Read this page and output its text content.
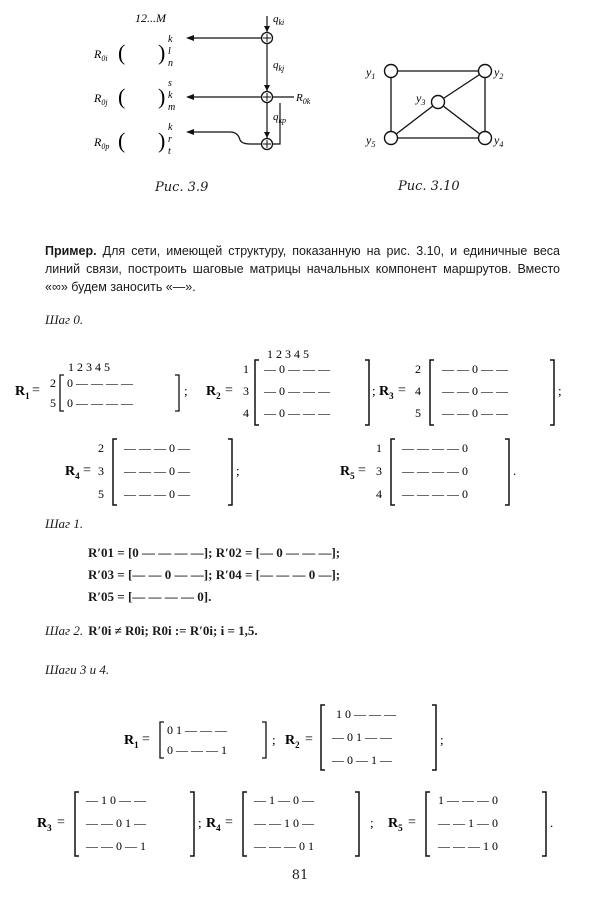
12...M
$R_{0i}$ ( )
k
l
n
$q_{ki}$
$R_{0j}$ ( )
s
k
m
$q_{kj}$
$R_{0k}$
$R_{0p}$ ( )
k
r
t
$q_{kp}$
Рис. 3.9
$y_1$	$y_2$
$y_3$
$y_4$
$y_5$
Рис. 3.10
Пример. Для сети, имеющей структуру, показанную на рис. 3.10, и единичные веса линий связи, построить шаговые матрицы начальных компонент маршрутов. Вместо «∞» будем заносить «—».
Шаг 0.
$R_1$ =
1 2 3 4 5
2
5
0 — — — —
0 — — — —
; $R_2$ =
1 2 3 4 5
1
3
4
— 0 — — —
— 0 — — —
— 0 — — —
; $R_3$ =
2
4
5
— — 0 — —
— — 0 — —
— — 0 — —
;
$R_4$ =
2
3
5
— — — 0 —
— — — 0 —
— — — 0 —
;	$R_5$ =
1
3
4
— — — — 0
— — — — 0
— — — — 0
.
Шаг 1.
R′01 = [0 — — — —]; R′02 = [— 0 — — —];
R′03 = [— — 0 — —]; R′04 = [— — — 0 —];
R′05 = [— — — — 0].
Шаг 2. R′0i ≠ R0i; R0i := R′0i; i = 1,5.
Шаги 3 и 4.
$R_1$ =
0 1 — — —
0 — — — 1
; $R_2$ =
1 0 — — —
— 0 1 — —
— 0 — 1 —
;
$R_3$ =
— 1 0 — —
— — 0 1 —
— — 0 — 1
; $R_4$ =
— 1 — 0 —
— — 1 0 —
— — — 0 1
; $R_5$ =
1 — — — 0
— — 1 — 0
— — — 1 0
.
81
